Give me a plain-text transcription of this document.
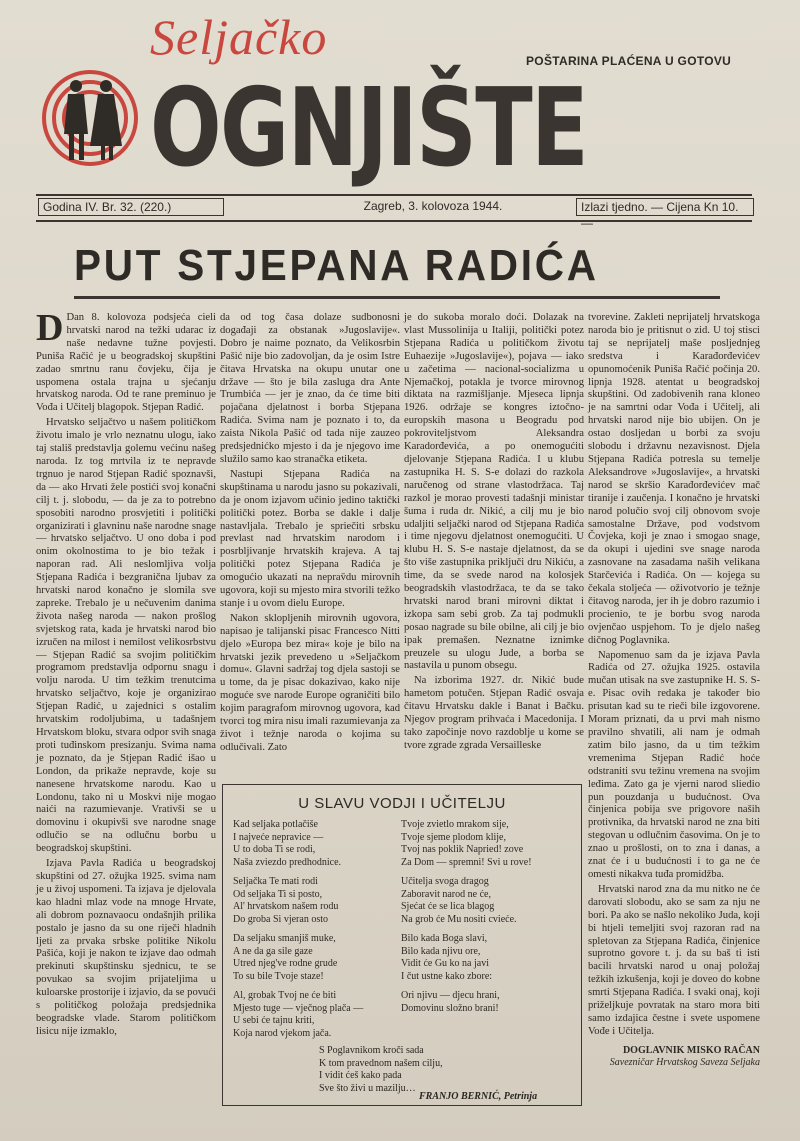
Seljačko	POŠTARINA PLAĆENA U GOTOVU
OGNJIŠTE
Godina IV. Br. 32. (220.)	Zagreb, 3. kolovoza 1944.	Izlazi tjedno. — Cijena Kn 10.—
PUT STJEPANA RADIĆA

D Dan 8. kolovoza podsjeća cieli hrvatski narod na težki udarac iz naše nedavne tužne povjesti. Puniša Račić je u beogradskoj skupštini zadao smrtnu ranu čovjeku, čija je uspomena ostala trajna u sjećanju hrvatskog naroda. Od te rane preminuo je Vođa i Učitelj blagopok. Stjepan Radić.

Hrvatsko seljačtvo u našem političkom životu imalo je vrlo neznatnu ulogu, iako taj stališ predstavlja golemu većinu našeg naroda. Iz tog mrtvila iz te nepravde trgnuo je narod Stjepan Radić spoznavši, da — ako Hrvati žele postići svoj konačni cilj t. j. slobodu, — da je za to potrebno sposobiti narodno prosvjetiti i politički organizirati i glavninu naše narodne snage — hrvatsko seljačtvo. U ono doba i pod onim okolnostima to je bio težak i naporan rad. Ali neslomljiva volja Stjepana Radića i bezgranična ljubav za hrvatski narod konačno je slomila sve zapreke. Trebalo je u nečuvenim danima života našeg naroda — nakon prošlog svjetskog rata, kada je hrvatski narod bio izručen na milost i nemilost velikosrbstvu — Stjepan Radić sa svojim političkim programom predstavlja odpornu snagu i volju naroda. U tim težkim trenutcima hrvatsko seljačtvo, koje je organizirao Stjepan Radić, u zajednici s ostalim hrvatskim rodoljubima, u tadašnjem Hrvatskom bloku, stvara odpor svih snaga proti tuđinskom presizanju. Svima nama je poznato, da je Stjepan Radić išao u London, da prikaže nepravde, koje su nanesene hrvatskome narodu. Kao u Londonu, tako ni u Moskvi nije mogao naići na razumievanje. Vrativši se u domovinu i okupivši sve narodne snage odlučio se na odlučnu borbu u beogradskoj skupštini.

Izjava Pavla Radića u beogradskoj skupštini od 27. ožujka 1925. svima nam je u živoj uspomeni. Ta izjava je djelovala kao hladni mlaz vode na mnoge Hrvate, ali dobrom poznavaocu ondašnjih prilika postalo je jasno da su one riječi hladnih ljeti za prvaka srbske politike Nikolu Pašića, koji je nakon te izjave dao odmah prekinuti skupštinsku sjednicu, te se povukao sa svojim prijateljima u kuloarske prostorije i izjavio, da se povući s političkog položaja predsjednika beogradske vlade. Starom političkom lisicu nije izmaklo,

da od tog časa dolaze sudbonosni događaji za obstanak »Jugoslavije«. Dobro je naime poznato, da Velikosrbin Pašić nije bio zadovoljan, da je osim Istre čitava Hrvatska na okupu unutar one države — što je bila zasluga dra Ante Trumbića — jer je znao, da će time biti pojačana djelatnost i borba Stjepana Radića. Svima nam je poznato i to, da zaista Nikola Pašić od tada nije zauzeo predsjednićko mjesto i da je njegovo ime služilo samo kao stranačka etiketa.

Nastupi Stjepana Radića na skupštinama u narodu jasno su pokazivali, da je onom izjavom učinio jedino taktički politički potez. Borba se dakle i dalje nastavljala. Trebalo je spriečiti srbsku prevlast nad hrvatskim narodom i posrbljivanje hrvatskih krajeva. A taj politički potez Stjepana Radića je omogućio ukazati na neprav̄du mirovnih ugovora, koji su mjesto mira stvorili težko stanje i u ovom dielu Europe.

Nakon sklopljenih mirovnih ugovora, napisao je talijanski pisac Francesco Nitti djelo »Europa bez mira« koje je bilo na hrvatski jezik prevedeno u »Seljačkom domu«. Glavni sadržaj tog djela sastoji se u tome, da je pisac dokazivao, kako nije moguće sve narode Europe ograničiti bilo kojim paragrafom mirovnog ugovora, kad tvorci tog mira nisu imali razumievanja za život i težnje naroda o kojima su odlučivali. Zato

je do sukoba moralo doći. Dolazak na vlast Mussolinija u Italiji, politički potez Stjepana Radića u političkom životu Euhaezije »Jugoslavije«), pojava — iako u začetima — nacional-socializma u Njemačkoj, potakla je tvorce mirovnog diktata na razmišljanje. Mjeseca lipnja 1926. održaje se kongres iztočno-europskih masona u Beogradu pod pokroviteljstvom Aleksandra Karadorđevića, a po onemogućiti djelovanje Stjepana Radića. I u klubu zastupnika H. S. S-e dolazi do razkola naručenog od strane vlastodržaca. Taj razkol je morao provesti tadašnji ministar šuma i ruda dr. Nikić, a cilj mu je bio udaljiti seljački narod od Stjepana Radića i time njegovu djelatnost onemogućiti. U klubu H. S. S-e nastaje djelatnost, da se što više zastupnika priključi dru Nikiću, a time, da se svede narod na kolosjek beogradskih vlastodržaca, te da se tako hrvatski narod brani mirovni diktat i izkopa sam sebi grob. Za taj podmukli posao nagrade su bile obilne, ali cilj je bio ipak premašen. Neznatne iznimke preuzele su ulogu Jude, a borba se nastavila u punom obsegu.

Na izborima 1927. dr. Nikić bude hametom potučen. Stjepan Radić osvaja čitavu Hrvatsku dakle i Banat i Bačku. Njegov program prihvaća i Macedonija. I tako započinje novo razdoblje u kome se tvore zgrade zgrada Versailleske

tvorevine. Zakleti neprijatelj hrvatskoga naroda bio je pritisnut o zid. U toj stisci taj se neprijatelj maše posljednjeg sredstva i Karađorđevićev opunomoćenik Puniša Račić počinja 20. lipnja 1928. atentat u beogradskoj skupštini. Od zadobivenih rana kloneo je na samrtni odar Vođa i Učitelj, ali hrvatski narod nije bio ubijen. On je ostao dosljedan u borbi za svoju slobodu i državnu nezavisnost. Djela Stjepana Radića potresla su temelje Aleksandrove »Jugoslavije«, a hrvatski narod se skršio Karađorđevićev mač tiranije i zaučenja. I konačno je hrvatski narod polučio svoj cilj obnovom svoje samostalne Države, pod vodstvom Čovjeka, koji je znao i smogao snage, da okupi i ujedini sve snage naroda zasnovane na zasadama naših velikana Starčevića i Radića. On — kojega su čekala stoljeća — oživotvorio je težnje čitavog naroda, jer ih je dobro razumio i procienio, te je borbu svog naroda ovjenčao uspjehom. To je djelo našeg dičnog Poglavnika.

Napomenuo sam da je izjava Pavla Radića od 27. ožujka 1925. ostavila mučan utisak na sve zastupnike H. S. S-e. Pisac ovih redaka je također bio prisutan kad su te rieči bile izgovorene. Moram priznati, da u prvi mah nismo pravilno shvatili, ali nam je odmah zatim bilo jasno, da u tim težkim vremenima Stjepan Radić hoće odstraniti svu težinu vremena na svojim leđima. Zato ga je vjerni narod sliedio pun pouzdanja u budućnost. Ova činjenica pobija sve prigovore naših protivnika, da hrvatski narod ne zna biti stegovan u odlučnim časovima. On je to znao u prošlosti, on to zna i danas, a znat će i u budućnosti i to ga ne će omesti nikakva tuđa promidžba.

Hrvatski narod zna da mu nitko ne će darovati slobodu, ako se sam za nju ne bori. Pa ako se našlo nekoliko Juda, koji bi htjeli temeljiti svoj razoran rad na spletovan za Stjepana Radića, činjenice suprotno govore t. j. da su baš ti isti bacili hrvatski narod u onaj položaj težkih izkušenja, koji je doveo do kobne smrti Stjepana Radića. I svaki onaj, koji priželjkuje povratak na staro mora biti samo izdajica čestne i svete uspomene Vođe i Učitelja.

DOGLAVNIK MISKO RAČAN
Savezničar Hrvatskog Saveza Seljaka
U SLAVU VODJI I UČITELJU
Kad seljaka potlačiše
I najveće nepravice —
U to doba Ti se rodi,
Naša zviezdo predhodnice.
Seljačka Te mati rodi
Od seljaka Ti si posto,
Al' hrvatskom našem rodu
Do groba Si vjeran osto
Da seljaku smanjiš muke,
A ne da ga sile gaze
Utred njeg've rodne grude
To su bile Tvoje staze!
Al, grobak Tvoj ne će biti
Mjesto tuge — vječnog plača —
U sebi će tajnu kriti,
Koja narod vjekom jača.
Tvoje zvietlo mrakom sije,
Tvoje sjeme plodom klije,
Tvoj nas poklik Napried! zove
Za Dom — spremni! Svi u rove!
Učitelja svoga dragog
Zaboravit narod ne će,
Sjećat će se lica blagog
Na grob će Mu nositi cvieće.
Bilo kada Boga slavi,
Bilo kada njivu ore,
Vidit će Gu ko na javi
I čut ustne kako zbore:
Ori njivu — djecu hrani,
Domovinu složno brani!
S Poglavnikom kroči sada
K tom pravednom našem cilju,
I vidit ćeš kako pada
Sve što živi u mazilju…
FRANJO BERNIĆ, Petrinja
